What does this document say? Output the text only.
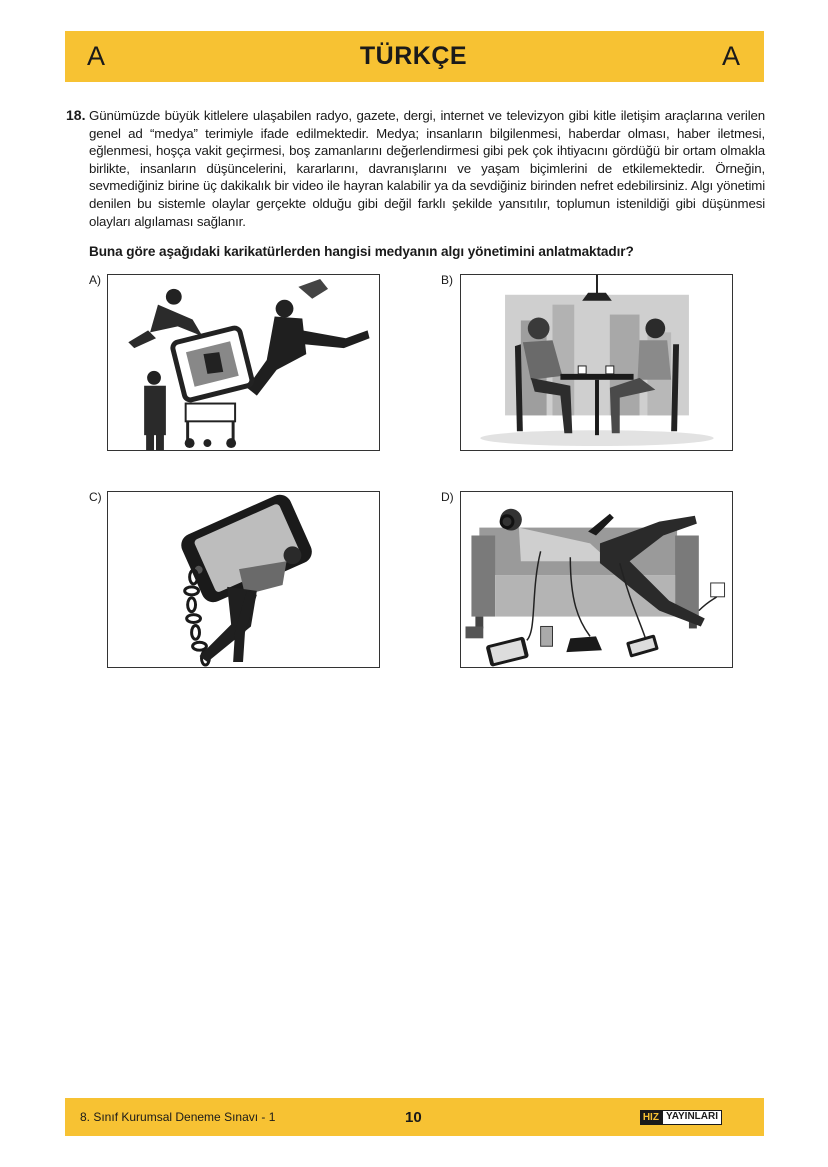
A	TÜRKÇE	A
18. Günümüzde büyük kitlelere ulaşabilen radyo, gazete, dergi, internet ve televizyon gibi kitle iletişim araçlarına verilen genel ad “medya” terimiyle ifade edilmektedir. Medya; insanların bilgilenmesi, haberdar olması, haber iletmesi, eğlenmesi, hoşça vakit geçirmesi, boş zamanlarını değerlendirmesi gibi pek çok ihtiyacını gördüğü bir ortam olmakla birlikte, insanların düşüncelerini, kararlarını, davranışlarını ve yaşam biçimlerini de etkilemektedir. Örneğin, sevmediğiniz birine üç dakikalık bir video ile hayran kalabilir ya da sevdiğiniz birinden nefret edebilirsiniz. Algı yönetimi denilen bu sistemle olaylar gerçekte olduğu gibi değil farklı şekilde yansıtılır, toplumun istenildiği gibi düşünmesi olayları algılaması sağlanır.

Buna göre aşağıdaki karikatürlerden hangisi medyanın algı yönetimini anlatmaktadır?

A)	B)
C)	D)
8. Sınıf Kurumsal Deneme Sınavı - 1	10	HIZ YAYINLARI
